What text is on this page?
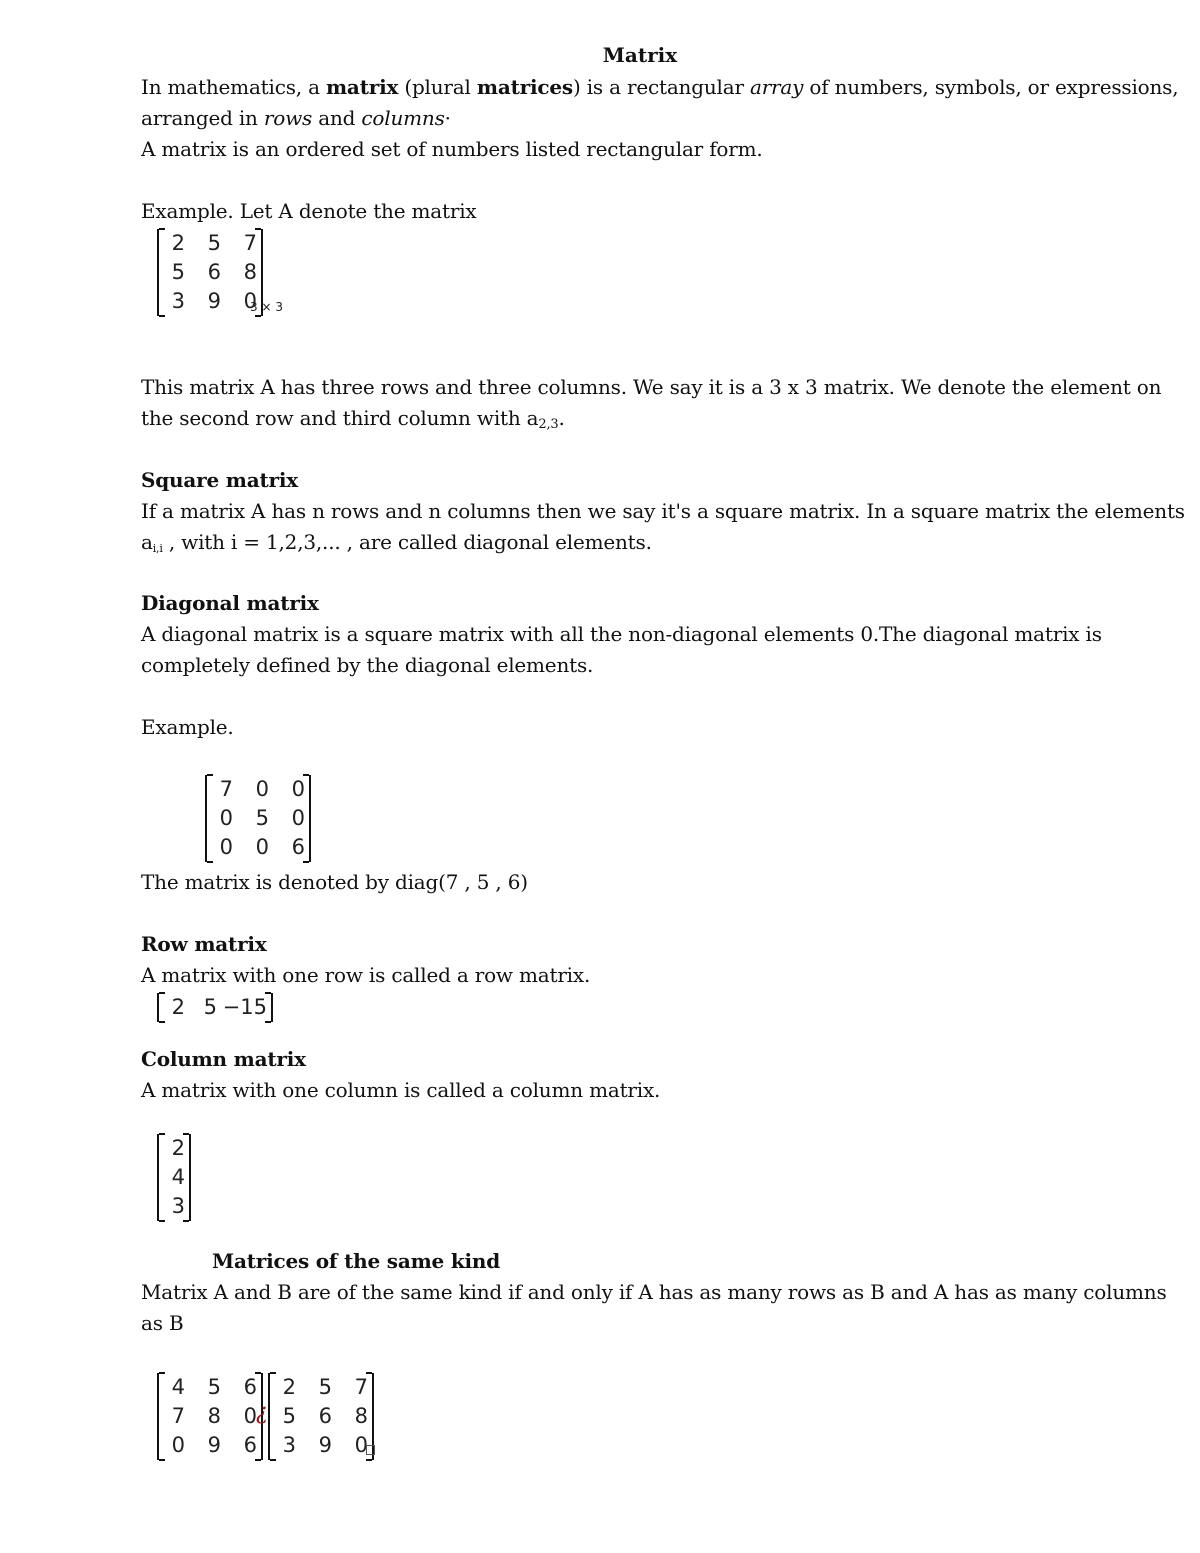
Matrix
In mathematics, a matrix (plural matrices) is a rectangular array of numbers, symbols, or expressions,
arranged in rows and columns·
A matrix is an ordered set of numbers listed rectangular form.
Example. Let A denote the matrix
2	5	7
5	6	8
3	9	0
3 × 3
This matrix A has three rows and three columns. We say it is a 3 x 3 matrix. We denote the element on
the second row and third column with $a_{2,3}$.
Square matrix
If a matrix A has n rows and n columns then we say it's a square matrix. In a square matrix the elements
$a_{i,i}$ , with i = 1,2,3,... , are called diagonal elements.
Diagonal matrix
A diagonal matrix is a square matrix with all the non-diagonal elements 0.The diagonal matrix is
completely defined by the diagonal elements.
Example.
7	0	0
0	5	0
0	0	6
The matrix is denoted by diag(7 , 5 , 6)
Row matrix
A matrix with one row is called a row matrix.
2 5 −15
Column matrix
A matrix with one column is called a column matrix.
2
4
3
Matrices of the same kind
Matrix A and B are of the same kind if and only if A has as many rows as B and A has as many columns
as B
4	5	6
7	8	0
0	9	6
¿
2	5	7
5	6	8
3	9	0
